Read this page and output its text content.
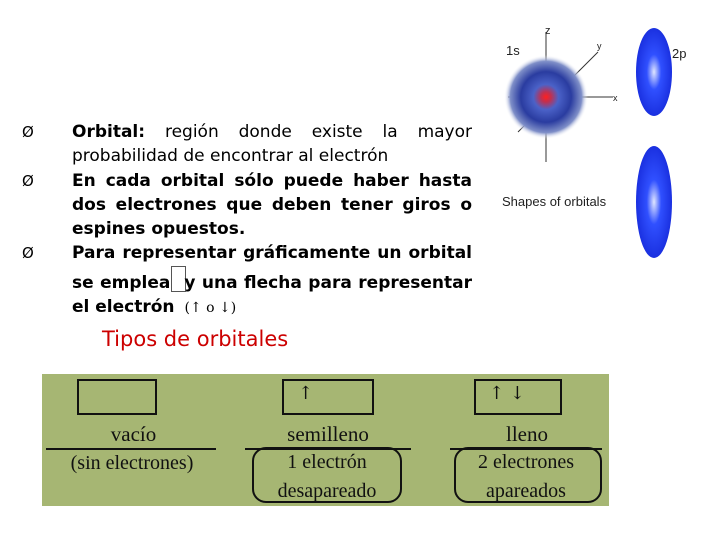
Ø	Orbital: región donde existe la mayor probabilidad de encontrar al electrón
Ø	En cada orbital sólo puede haber hasta dos electrones que deben tener giros o espines opuestos.
Ø	Para representar gráficamente un orbital se emplea y una flecha para representar el electrón (↑ o ↓)
Tipos de orbitales
1s	2p
z
y
x
Shapes of orbitals
vacío
(sin electrones)
↑
semilleno
1 electrón
desapareado
↑ ↓
lleno
2 electrones
apareados
